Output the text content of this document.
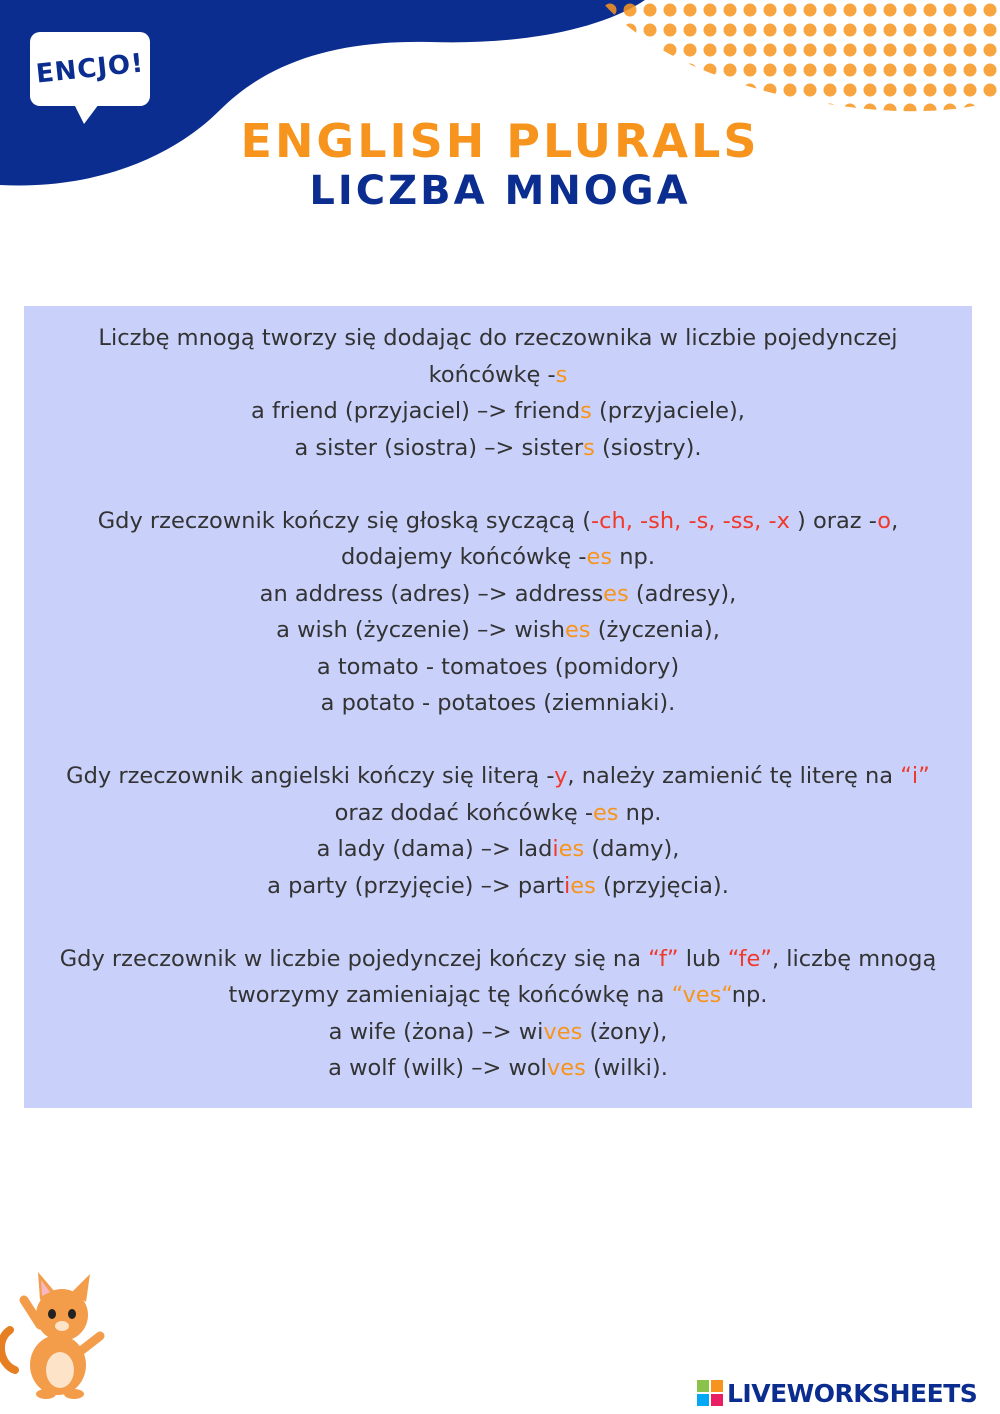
ENCJO!
ENGLISH PLURALS
LICZBA MNOGA
Liczbę mnogą tworzy się dodając do rzeczownika w liczbie pojedynczej
końcówkę -s
a friend (przyjaciel) –> friends (przyjaciele),
a sister (siostra) –> sisters (siostry).
Gdy rzeczownik kończy się głoską syczącą (-ch, -sh, -s, -ss, -x ) oraz -o,
dodajemy końcówkę -es np.
an address (adres) –> addresses (adresy),
a wish (życzenie) –> wishes (życzenia),
a tomato - tomatoes (pomidory)
a potato - potatoes (ziemniaki).
Gdy rzeczownik angielski kończy się literą -y, należy zamienić tę literę na “i”
oraz dodać końcówkę -es np.
a lady (dama) –> ladies (damy),
a party (przyjęcie) –> parties (przyjęcia).
Gdy rzeczownik w liczbie pojedynczej kończy się na “f” lub “fe”, liczbę mnogą
tworzymy zamieniając tę końcówkę na “ves“np.
a wife (żona) –> wives (żony),
a wolf (wilk) –> wolves (wilki).
LIVEWORKSHEETS
